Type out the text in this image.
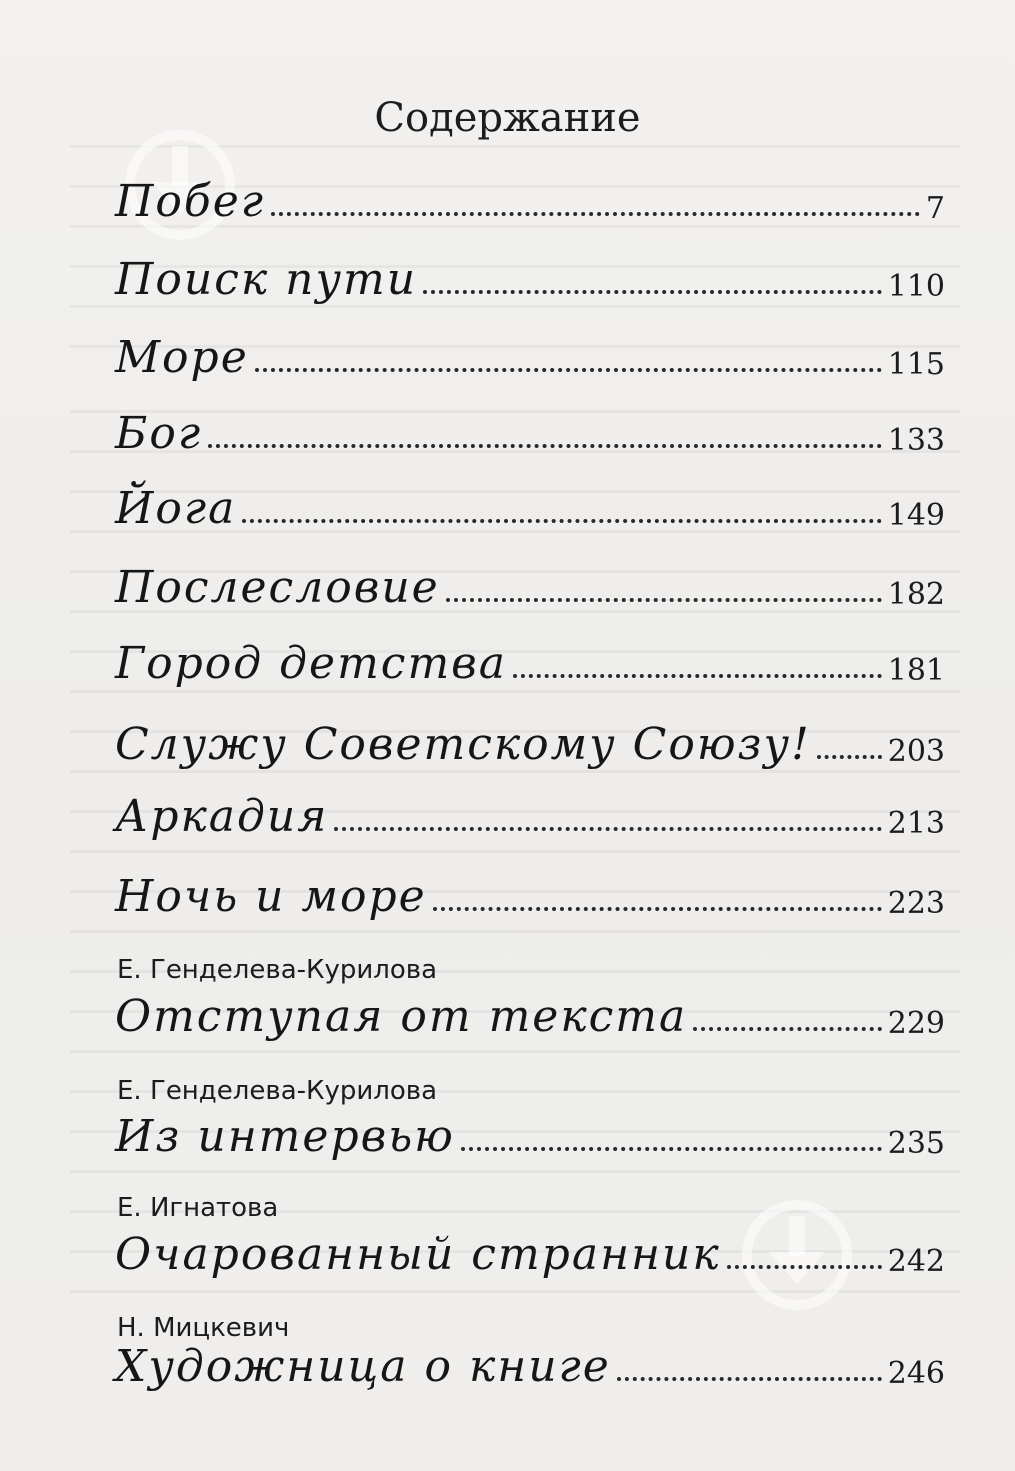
Содержание
Побег	7
Поиск пути	110
Море	115
Бог	133
Йога	149
Послесловие	182
Город детства	181
Служу Советскому Союзу!	203
Аркадия	213
Ночь и море	223
Е. Генделева-Курилова
Отступая от текста	229
Е. Генделева-Курилова
Из интервью	235
Е. Игнатова
Очарованный странник	242
Н. Мицкевич
Художница о книге	246
